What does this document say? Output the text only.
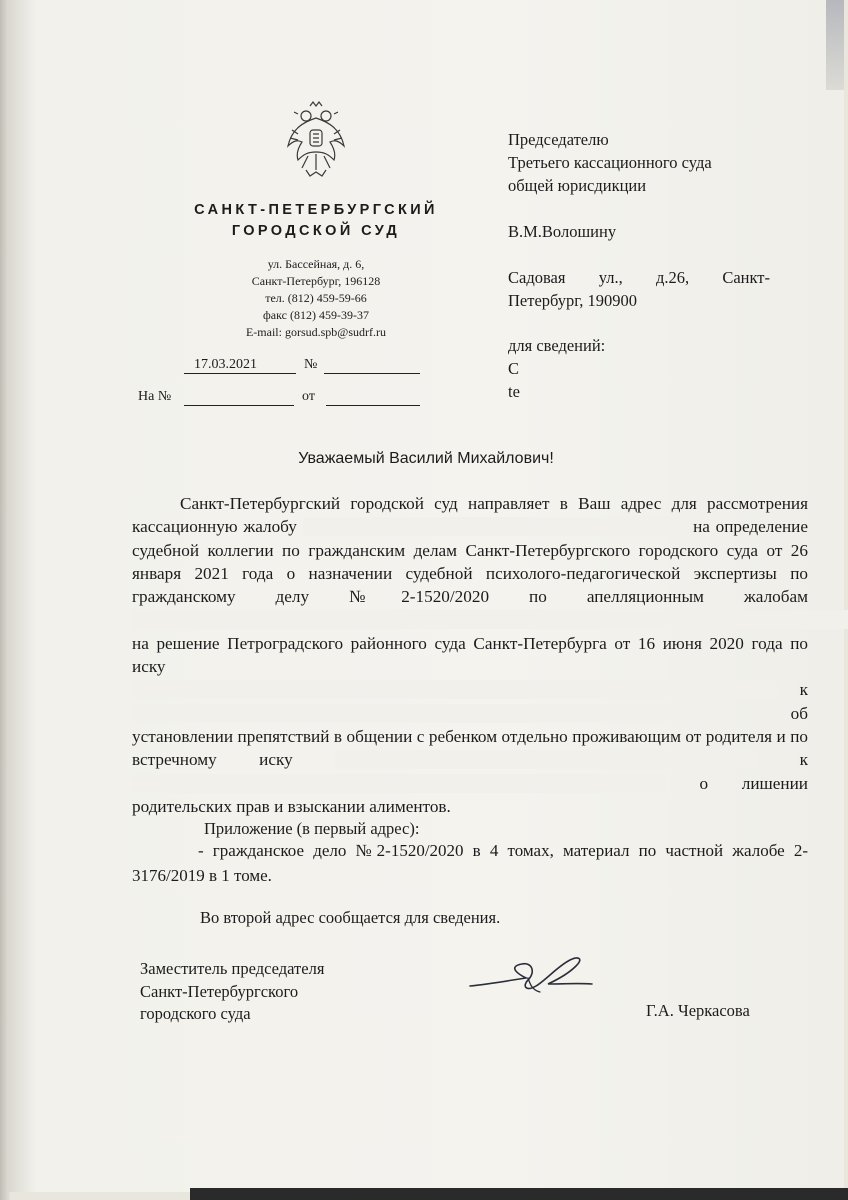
САНКТ-ПЕТЕРБУРГСКИЙ
ГОРОДСКОЙ СУД
ул. Бассейная, д. 6,
Санкт-Петербург, 196128
тел. (812) 459-59-66
факс (812) 459-39-37
E-mail: gorsud.spb@sudrf.ru
17.03.2021	№
На №	от
Председателю
Третьего кассационного суда
общей юрисдикции
В.М.Волошину
Садовая ул., д.26, Санкт-
Петербург, 190900
для сведений:
С
te
Уважаемый Василий Михайлович!

Санкт-Петербургский городской суд направляет в Ваш адрес для рассмотрения кассационную жалобу	на определение судебной коллегии по гражданским делам Санкт-Петербургского городского суда от 26 января 2021 года о назначении судебной психолого-педагогической экспертизы по гражданскому делу №2-1520/2020 по апелляционным жалобам на решение Петроградского районного суда Санкт-Петербурга от 16 июня 2020 года по иску к об установлении препятствий в общении с ребенком отдельно проживающим от родителя и по встречному иску	к о лишении родительских прав и взыскании алиментов.

Приложение (в первый адрес):

- гражданское дело №2-1520/2020 в 4 томах, материал по частной жалобе 2-3176/2019 в 1 томе.

Во второй адрес сообщается для сведения.
Заместитель председателя
Санкт-Петербургского
городского суда	Г.А. Черкасова
